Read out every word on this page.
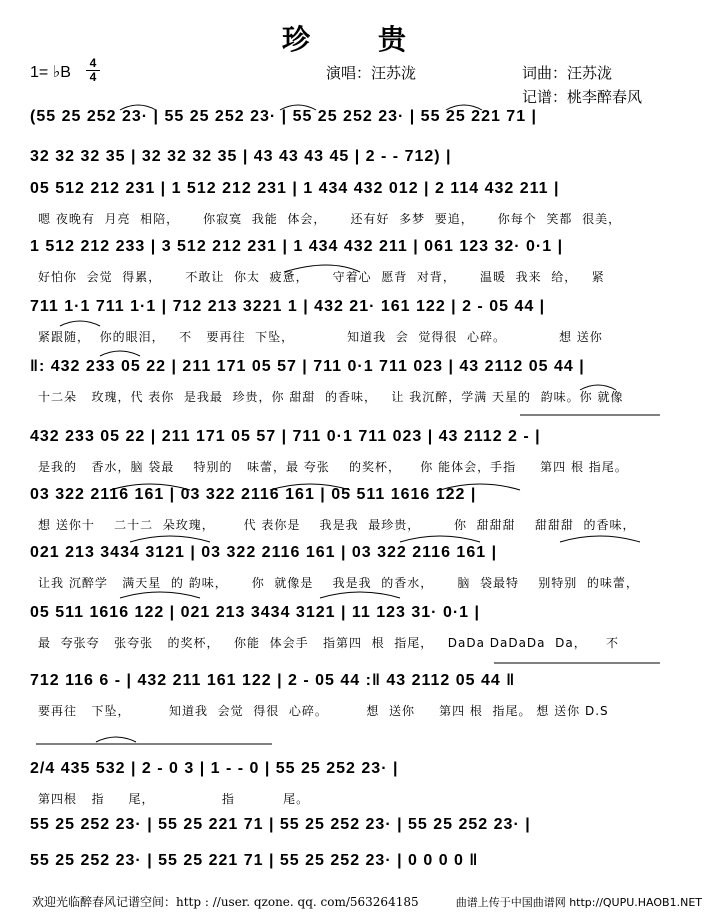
珍　贵
1= ♭B
4
4	演唱：汪苏泷	词曲：汪苏泷
记谱：桃李醉春风
(55 25 252 23· | 55 25 252 23· | 55 25 252 23· | 55 25 221 71 |
32 32 32 35 | 32 32 32 35 | 43 43 43 45 | 2 - - 712) |
05 512 212 231 | 1 512 212 231 | 1 434 432 012 | 2 114 432 211 |
嗯 夜晚有  月亮  相陪，     你寂寞  我能  体会，     还有好  多梦  要追，     你每个  笑都  很美，
1 512 212 233 | 3 512 212 231 | 1 434 432 211 | 061 123 32· 0·1 |
好怕你  会觉  得累，     不敢让  你太  疲惫，     守着心  愿背  对背，     温暖  我来  给，   紧
711 1·1 711 1·1 | 712 213 3221 1 | 432 21· 161 122 | 2 - 05 44 |
紧跟随，  你的眼泪，   不   要再往  下坠，           知道我  会  觉得很  心碎。           想 送你
‖: 432 233 05 22 | 211 171 05 57 | 711 0·1 711 023 | 43 2112 05 44 |
十二朵   玫瑰，代 表你  是我最  珍贵，你 甜甜  的香味，   让 我沉醉，学满 天星的  韵味。你 就像
432 233 05 22 | 211 171 05 57 | 711 0·1 711 023 | 43 2112 2 - |
是我的   香水，脑 袋最    特别的   味蕾，最 夸张    的奖杯，    你 能体会，手指     第四 根 指尾。
03 322 2116 161 | 03 322 2116 161 | 05 511 1616 122 |
想 送你十    二十二  朵玫瑰，      代 表你是    我是我  最珍贵，       你  甜甜甜    甜甜甜  的香味，
021 213 3434 3121 | 03 322 2116 161 | 03 322 2116 161 |
让我 沉醉学   满天星  的 韵味，     你  就像是    我是我  的香水，     脑  袋最特    别特别  的味蕾，
05 511 1616 122 | 021 213 3434 3121 | 11 123 31· 0·1 |
最  夸张夸   张夸张   的奖杯，   你能  体会手   指第四  根  指尾，   DaDa DaDaDa  Da，    不
712 116 6 - | 432 211 161 122 | 2 - 05 44 :‖ 43 2112 05 44 ‖
要再往   下坠，        知道我  会觉  得很  心碎。        想  送你     第四 根  指尾。 想 送你 D.S
2/4 435 532 | 2 - 0 3 | 1 - - 0 | 55 25 252 23· |
第四根   指     尾，              指          尾。
55 25 252 23· | 55 25 221 71 | 55 25 252 23· | 55 25 252 23· |
55 25 252 23· | 55 25 221 71 | 55 25 252 23· | 0 0 0 0 ‖
欢迎光临醉春风记谱空间：http : //user. qzone. qq. com/563264185	曲谱上传于中国曲谱网 http://QUPU.HAOB1.NET
